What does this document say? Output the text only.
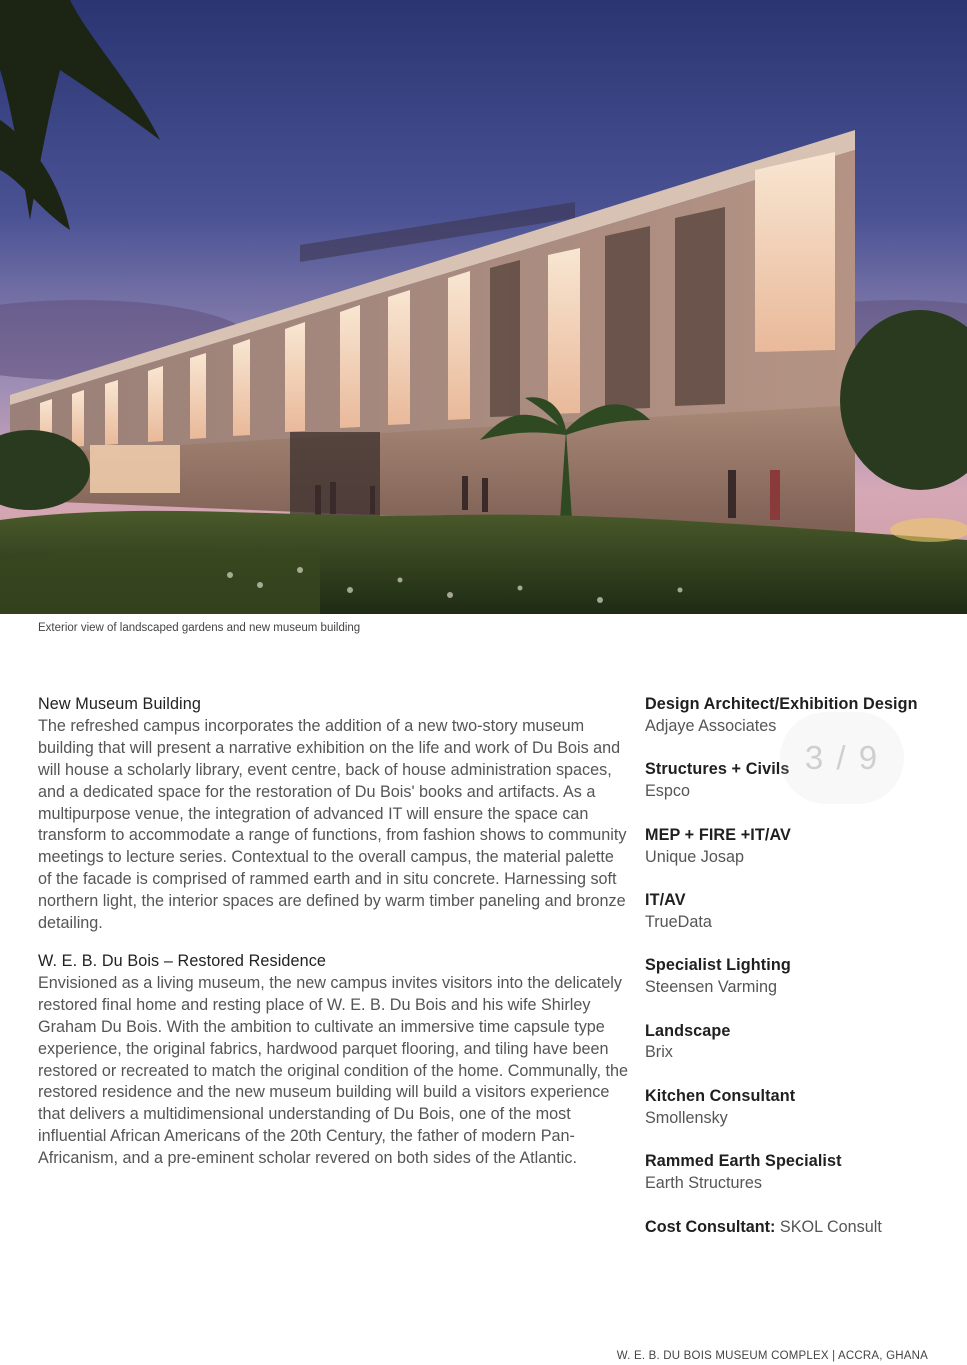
Exterior view of landscaped gardens and new museum building
New Museum Building

The refreshed campus incorporates the addition of a new two-story museum building that will present a narrative exhibition on the life and work of Du Bois and will house a scholarly library, event centre, back of house administration spaces, and a dedicated space for the restoration of Du Bois' books and artifacts. As a multipurpose venue, the integration of advanced IT will ensure the space can transform to accommodate a range of functions, from fashion shows to community meetings to lecture series. Contextual to the overall campus, the material palette of the facade is comprised of rammed earth and in situ concrete. Harnessing soft northern light, the interior spaces are defined by warm timber paneling and bronze detailing.

W. E. B. Du Bois – Restored Residence

Envisioned as a living museum, the new campus invites visitors into the delicately restored final home and resting place of W. E. B. Du Bois and his wife Shirley Graham Du Bois. With the ambition to cultivate an immersive time capsule type experience, the original fabrics, hardwood parquet flooring, and tiling have been restored or recreated to match the original condition of the home. Communally, the restored residence and the new museum building will build a visitors experience that delivers a multidimensional understanding of Du Bois, one of the most influential African Americans of the 20th Century, the father of modern Pan-Africanism, and a pre-eminent scholar revered on both sides of the Atlantic.

Design Architect/Exhibition Design
Adjaye Associates
Structures + Civils
Espco
MEP + FIRE +IT/AV
Unique Josap
IT/AV
TrueData
Specialist Lighting
Steensen Varming
Landscape
Brix
Kitchen Consultant
Smollensky
Rammed Earth Specialist
Earth Structures
Cost Consultant: SKOL Consult
3 / 9
W. E. B. DU BOIS MUSEUM COMPLEX | ACCRA, GHANA
